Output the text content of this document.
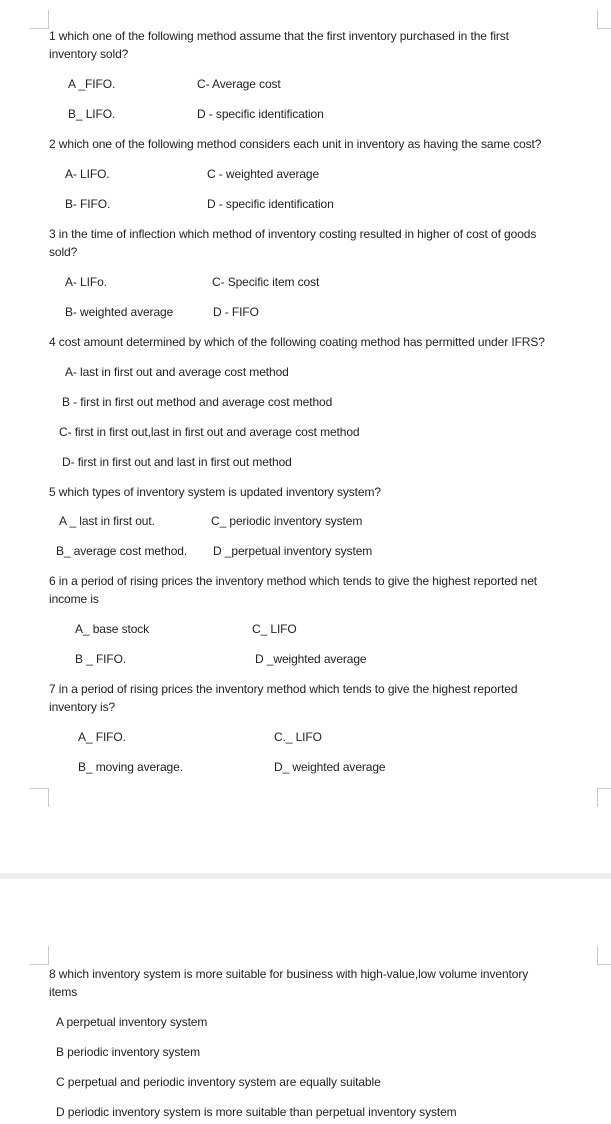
1 which one of the following method assume that the first inventory purchased in the first
inventory sold?
A _FIFO.	C- Average cost
B_ LIFO.	D - specific identification
2 which one of the following method considers each unit in inventory as having the same cost?
A- LIFO.	C - weighted average
B- FIFO.	D - specific identification
3 in the time of inflection which method of inventory costing resulted in higher of cost of goods
sold?
A- LIFo.	C- Specific item cost
B- weighted average	D - FIFO
4 cost amount determined by which of the following coating method has permitted under IFRS?
A- last in first out and average cost method
B - first in first out method and average cost method
C- first in first out,last in first out and average cost method
D- first in first out and last in first out method
5 which types of inventory system is updated inventory system?
A _ last in first out.	C_ periodic inventory system
B_ average cost method. D _perpetual inventory system
6 in a period of rising prices the inventory method which tends to give the highest reported net
income is
A_ base stock	C_ LIFO
B _ FIFO.	D _weighted average
7 in a period of rising prices the inventory method which tends to give the highest reported
inventory is?
A_ FIFO.	C._ LIFO
B_ moving average.	D_ weighted average
8 which inventory system is more suitable for business with high-value,low volume inventory
items
A perpetual inventory system
B periodic inventory system
C perpetual and periodic inventory system are equally suitable
D periodic inventory system is more suitable than perpetual inventory system
